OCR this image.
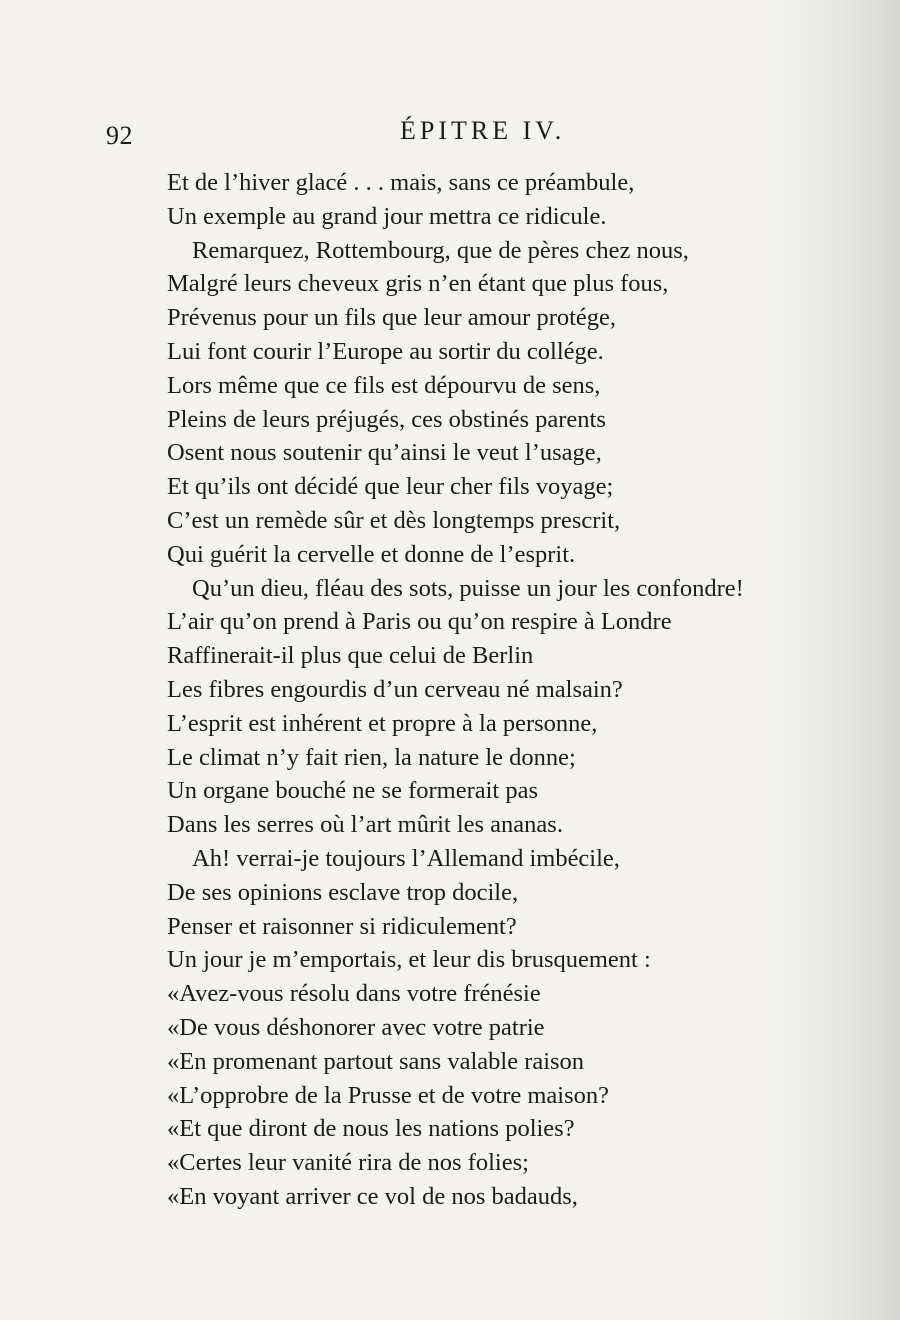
92	ÉPITRE IV.
Et de l’hiver glacé . . . mais, sans ce préambule,
Un exemple au grand jour mettra ce ridicule.
Remarquez, Rottembourg, que de pères chez nous,
Malgré leurs cheveux gris n’en étant que plus fous,
Prévenus pour un fils que leur amour protége,
Lui font courir l’Europe au sortir du collége.
Lors même que ce fils est dépourvu de sens,
Pleins de leurs préjugés, ces obstinés parents
Osent nous soutenir qu’ainsi le veut l’usage,
Et qu’ils ont décidé que leur cher fils voyage;
C’est un remède sûr et dès longtemps prescrit,
Qui guérit la cervelle et donne de l’esprit.
Qu’un dieu, fléau des sots, puisse un jour les confondre!
L’air qu’on prend à Paris ou qu’on respire à Londre
Raffinerait-il plus que celui de Berlin
Les fibres engourdis d’un cerveau né malsain?
L’esprit est inhérent et propre à la personne,
Le climat n’y fait rien, la nature le donne;
Un organe bouché ne se formerait pas
Dans les serres où l’art mûrit les ananas.
Ah! verrai-je toujours l’Allemand imbécile,
De ses opinions esclave trop docile,
Penser et raisonner si ridiculement?
Un jour je m’emportais, et leur dis brusquement :
«Avez-vous résolu dans votre frénésie
«De vous déshonorer avec votre patrie
«En promenant partout sans valable raison
«L’opprobre de la Prusse et de votre maison?
«Et que diront de nous les nations polies?
«Certes leur vanité rira de nos folies;
«En voyant arriver ce vol de nos badauds,
